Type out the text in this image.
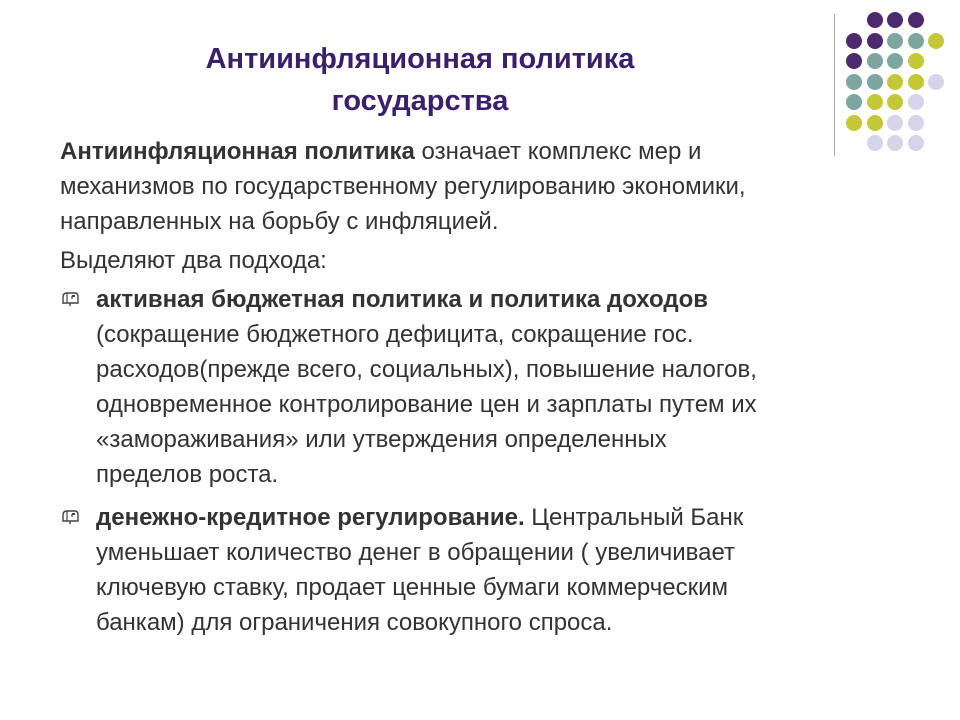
Антиинфляционная политика
государства
Антиинфляционная политика означает комплекс мер и
механизмов по государственному регулированию экономики,
направленных на борьбу с инфляцией.
Выделяют два подхода:
активная бюджетная политика и политика доходов
(сокращение бюджетного дефицита, сокращение гос.
расходов(прежде всего, социальных), повышение налогов,
одновременное контролирование цен и зарплаты путем их
«замораживания» или утверждения определенных
пределов роста.
денежно-кредитное регулирование. Центральный Банк
уменьшает количество денег в обращении ( увеличивает
ключевую ставку, продает ценные бумаги коммерческим
банкам) для ограничения совокупного спроса.
